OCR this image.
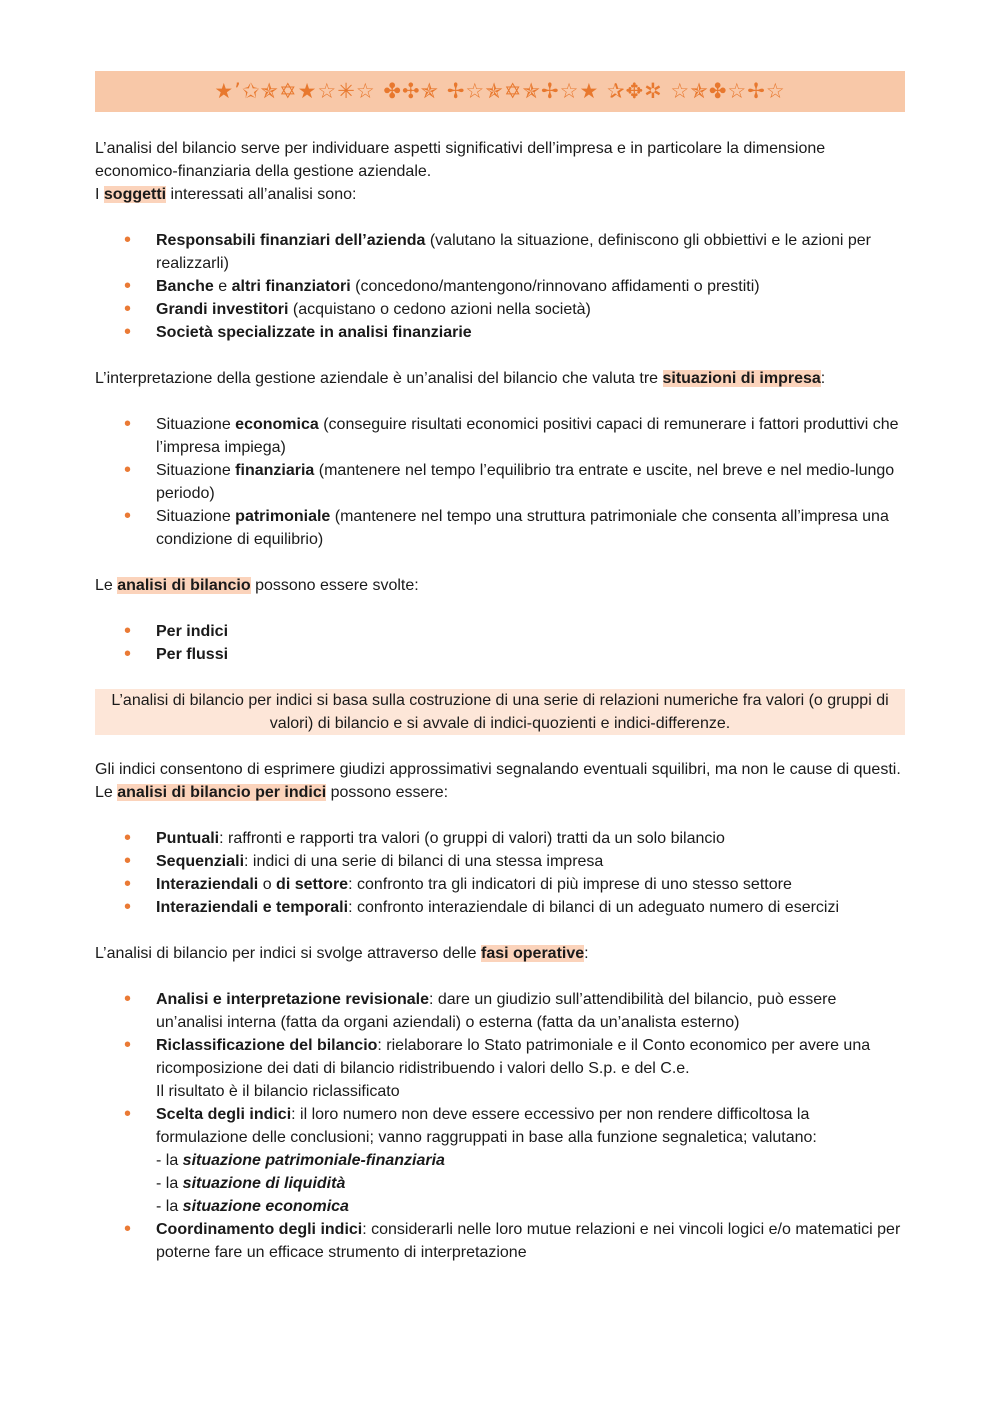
★’✩✯✡★☆✳☆ ✤✣✯ ✢☆✯✡✯✢☆★ ✰✥✲ ☆✯✤☆✢☆

L’analisi del bilancio serve per individuare aspetti significativi dell’impresa e in particolare la dimensione economico-finanziaria della gestione aziendale.

I soggetti interessati all’analisi sono:

• Responsabili finanziari dell’azienda (valutano la situazione, definiscono gli obbiettivi e le azioni per realizzarli)
• Banche e altri finanziatori (concedono/mantengono/rinnovano affidamenti o prestiti)
• Grandi investitori (acquistano o cedono azioni nella società)
• Società specializzate in analisi finanziarie

L’interpretazione della gestione aziendale è un’analisi del bilancio che valuta tre situazioni di impresa:

• Situazione economica (conseguire risultati economici positivi capaci di remunerare i fattori produttivi che l’impresa impiega)
• Situazione finanziaria (mantenere nel tempo l’equilibrio tra entrate e uscite, nel breve e nel medio-lungo periodo)
• Situazione patrimoniale (mantenere nel tempo una struttura patrimoniale che consenta all’impresa una condizione di equilibrio)

Le analisi di bilancio possono essere svolte:

• Per indici
• Per flussi

L’analisi di bilancio per indici si basa sulla costruzione di una serie di relazioni numeriche fra valori (o gruppi di valori) di bilancio e si avvale di indici-quozienti e indici-differenze.

Gli indici consentono di esprimere giudizi approssimativi segnalando eventuali squilibri, ma non le cause di questi. Le analisi di bilancio per indici possono essere:

• Puntuali: raffronti e rapporti tra valori (o gruppi di valori) tratti da un solo bilancio
• Sequenziali: indici di una serie di bilanci di una stessa impresa
• Interaziendali o di settore: confronto tra gli indicatori di più imprese di uno stesso settore
• Interaziendali e temporali: confronto interaziendale di bilanci di un adeguato numero di esercizi

L’analisi di bilancio per indici si svolge attraverso delle fasi operative:

• Analisi e interpretazione revisionale: dare un giudizio sull’attendibilità del bilancio, può essere un’analisi interna (fatta da organi aziendali) o esterna (fatta da un’analista esterno)
• Riclassificazione del bilancio: rielaborare lo Stato patrimoniale e il Conto economico per avere una ricomposizione dei dati di bilancio ridistribuendo i valori dello S.p. e del C.e.
Il risultato è il bilancio riclassificato
• Scelta degli indici: il loro numero non deve essere eccessivo per non rendere difficoltosa la formulazione delle conclusioni; vanno raggruppati in base alla funzione segnaletica; valutano:
- la situazione patrimoniale-finanziaria
- la situazione di liquidità
- la situazione economica
• Coordinamento degli indici: considerarli nelle loro mutue relazioni e nei vincoli logici e/o matematici per poterne fare un efficace strumento di interpretazione
